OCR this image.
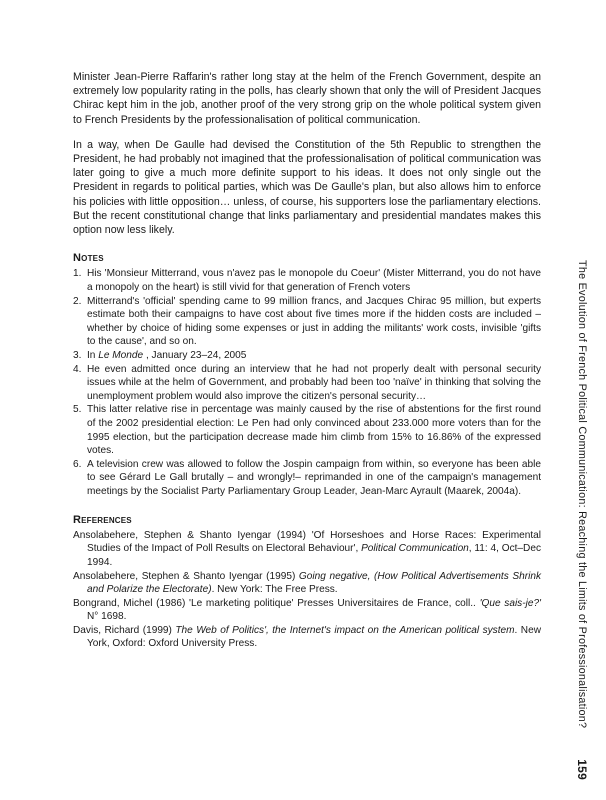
Minister Jean-Pierre Raffarin's rather long stay at the helm of the French Government, despite an extremely low popularity rating in the polls, has clearly shown that only the will of President Jacques Chirac kept him in the job, another proof of the very strong grip on the whole political system given to French Presidents by the professionalisation of political communication.

In a way, when De Gaulle had devised the Constitution of the 5th Republic to strengthen the President, he had probably not imagined that the professionalisation of political communication was later going to give a much more definite support to his ideas. It does not only single out the President in regards to political parties, which was De Gaulle's plan, but also allows him to enforce his policies with little opposition… unless, of course, his supporters lose the parliamentary elections. But the recent constitutional change that links parliamentary and presidential mandates makes this option now less likely.

Notes
1. His 'Monsieur Mitterrand, vous n'avez pas le monopole du Coeur' (Mister Mitterrand, you do not have a monopoly on the heart) is still vivid for that generation of French voters
2. Mitterrand's 'official' spending came to 99 million francs, and Jacques Chirac 95 million, but experts estimate both their campaigns to have cost about five times more if the hidden costs are included – whether by choice of hiding some expenses or just in adding the militants' work costs, invisible 'gifts to the cause', and so on.
3. In Le Monde , January 23–24, 2005
4. He even admitted once during an interview that he had not properly dealt with personal security issues while at the helm of Government, and probably had been too 'naïve' in thinking that solving the unemployment problem would also improve the citizen's personal security…
5. This latter relative rise in percentage was mainly caused by the rise of abstentions for the first round of the 2002 presidential election: Le Pen had only convinced about 233.000 more voters than for the 1995 election, but the participation decrease made him climb from 15% to 16.86% of the expressed votes.
6. A television crew was allowed to follow the Jospin campaign from within, so everyone has been able to see Gérard Le Gall brutally – and wrongly!– reprimanded in one of the campaign's management meetings by the Socialist Party Parliamentary Group Leader, Jean-Marc Ayrault (Maarek, 2004a).
References
Ansolabehere, Stephen & Shanto Iyengar (1994) 'Of Horseshoes and Horse Races: Experimental Studies of the Impact of Poll Results on Electoral Behaviour', Political Communication, 11: 4, Oct–Dec 1994.
Ansolabehere, Stephen & Shanto Iyengar (1995) Going negative, (How Political Advertisements Shrink and Polarize the Electorate). New York: The Free Press.
Bongrand, Michel (1986) 'Le marketing politique' Presses Universitaires de France, coll.. 'Que sais-je?' N° 1698.
Davis, Richard (1999) The Web of Politics', the Internet's impact on the American political system. New York, Oxford: Oxford University Press.	The Evolution of French Political Communication: Reaching the Limits of Professionalisation?
159
